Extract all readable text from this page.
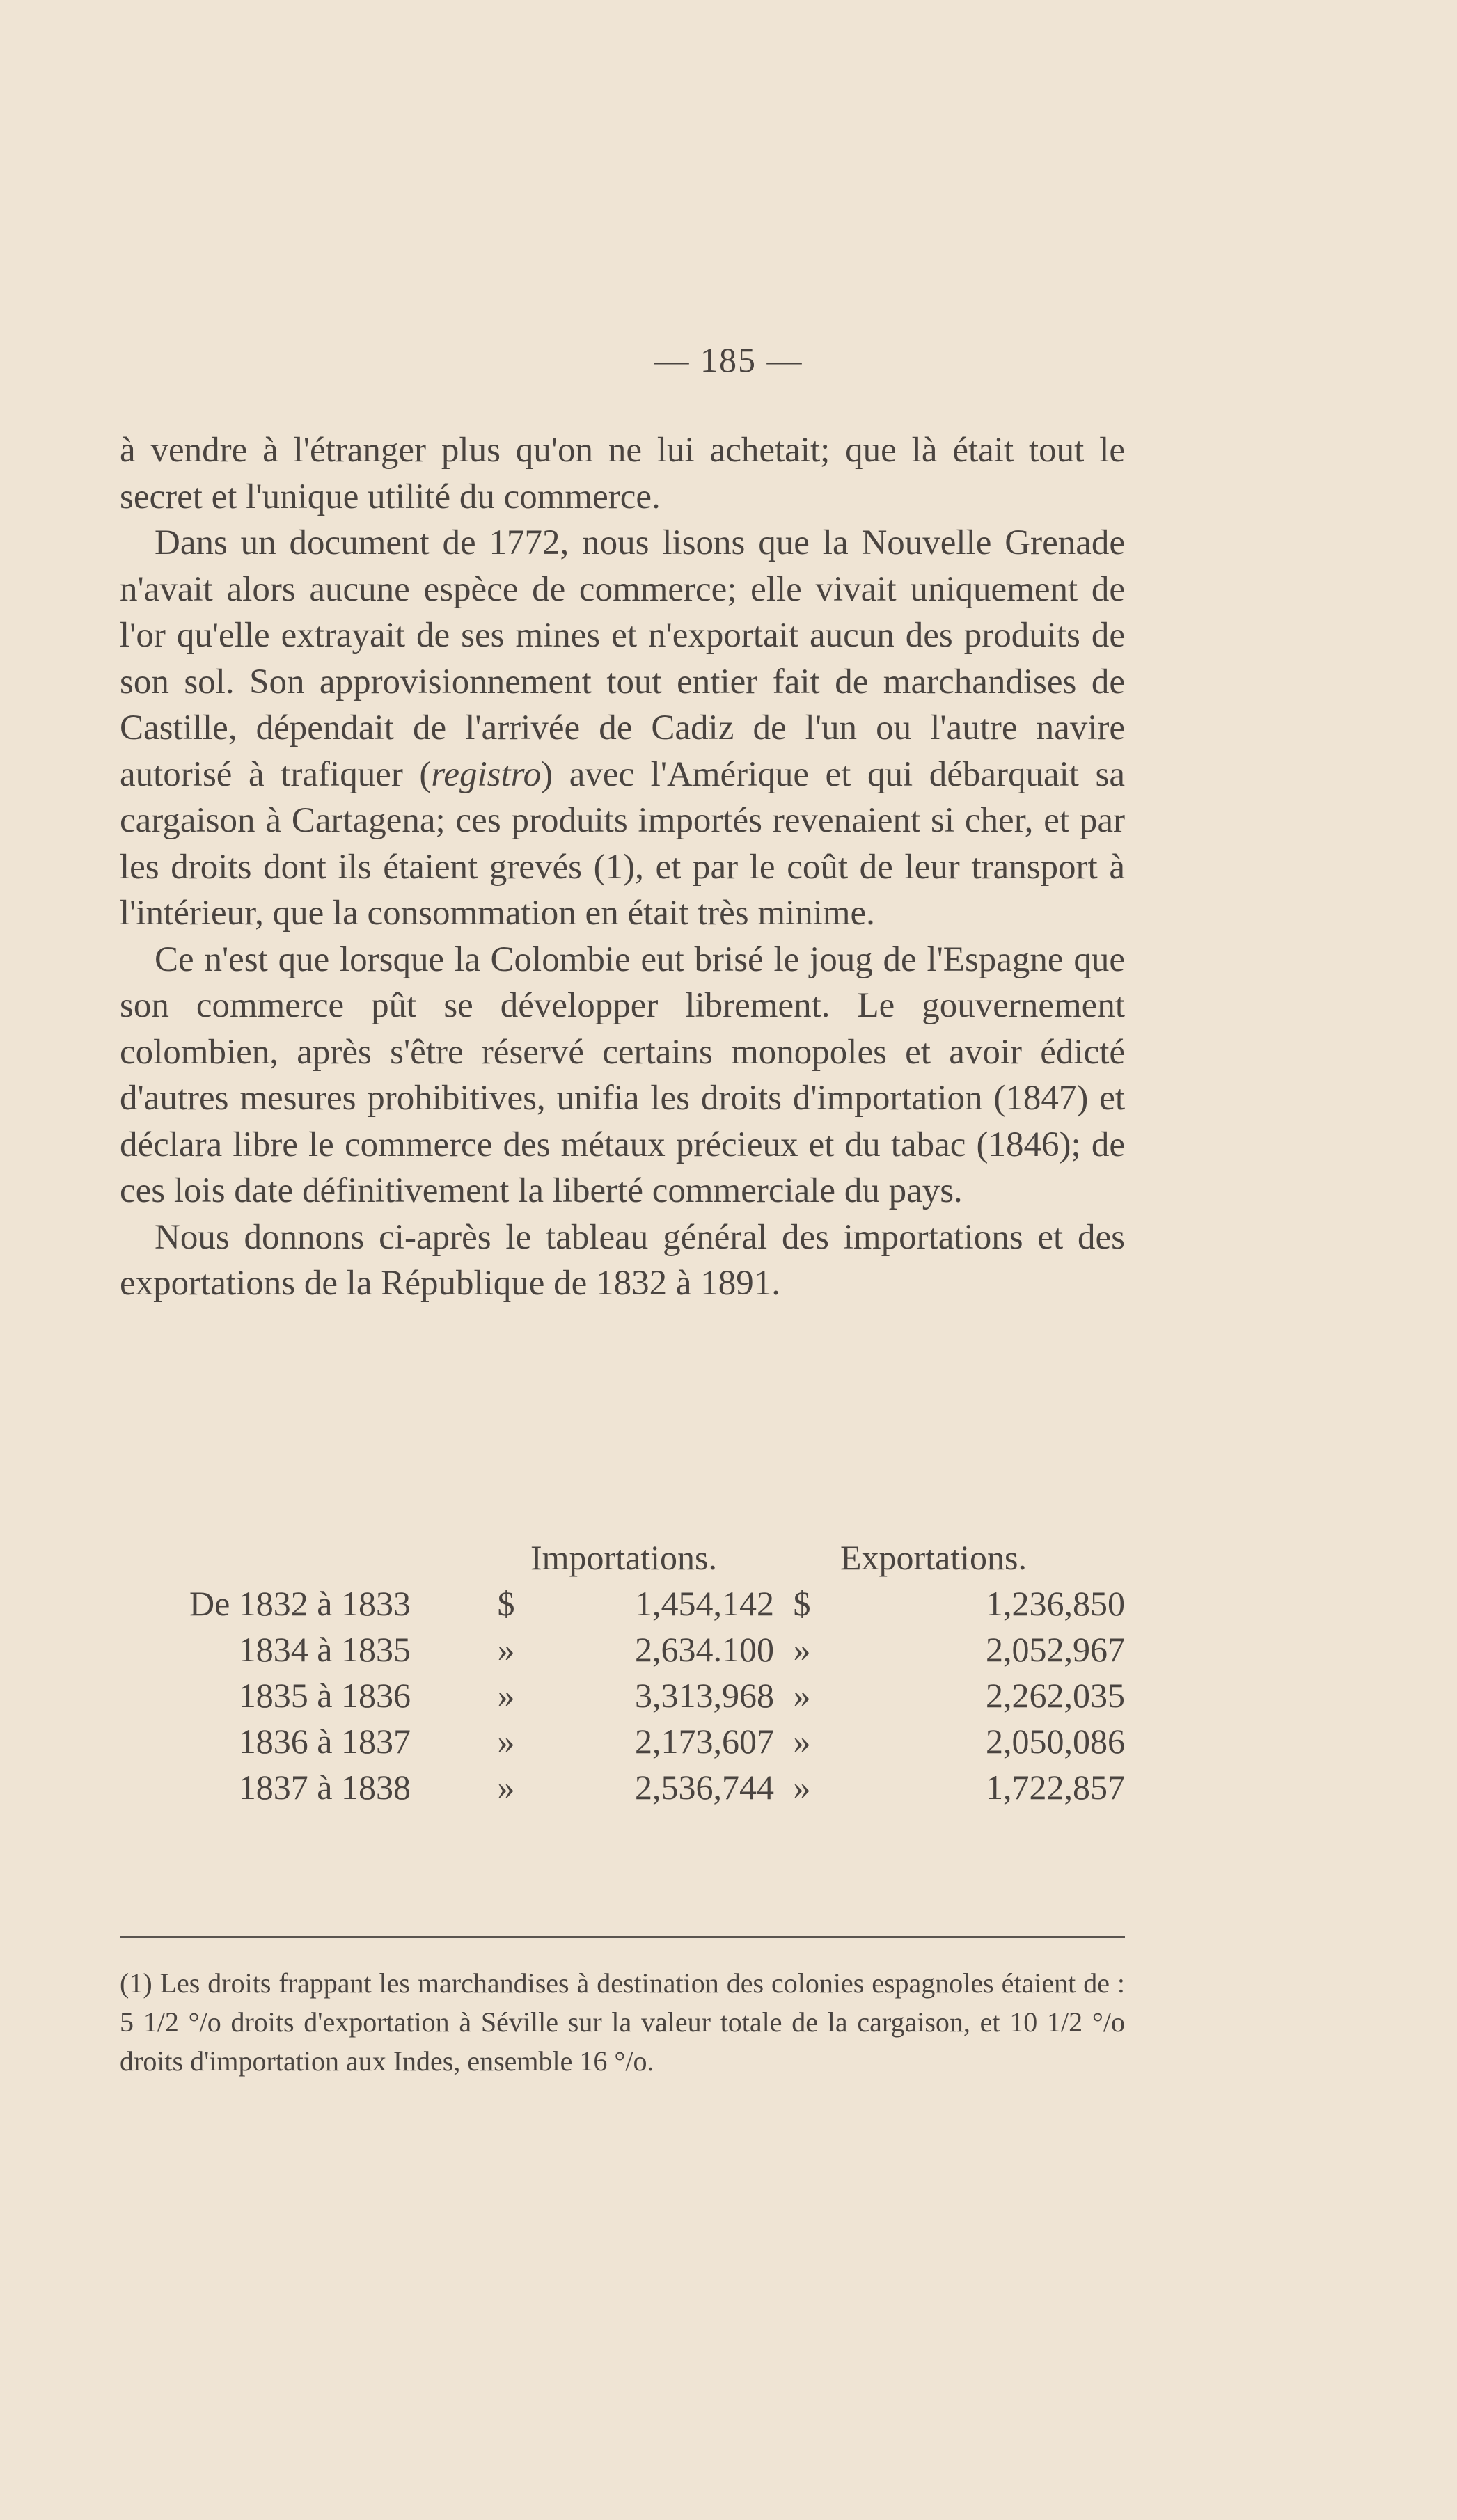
— 185 —

à vendre à l'étranger plus qu'on ne lui achetait; que là était tout le secret et l'unique utilité du commerce.

Dans un document de 1772, nous lisons que la Nouvelle Grenade n'avait alors aucune espèce de commerce; elle vivait uniquement de l'or qu'elle extrayait de ses mines et n'exportait aucun des produits de son sol. Son approvisionnement tout entier fait de marchandises de Castille, dépendait de l'arrivée de Cadiz de l'un ou l'autre navire autorisé à trafiquer (registro) avec l'Amérique et qui débarquait sa cargaison à Cartagena; ces produits importés revenaient si cher, et par les droits dont ils étaient grevés (1), et par le coût de leur transport à l'intérieur, que la consommation en était très minime.

Ce n'est que lorsque la Colombie eut brisé le joug de l'Espagne que son commerce pût se développer librement. Le gouvernement colombien, après s'être réservé certains monopoles et avoir édicté d'autres mesures prohibitives, unifia les droits d'importation (1847) et déclara libre le commerce des métaux précieux et du tabac (1846); de ces lois date définitivement la liberté commerciale du pays.

Nous donnons ci-après le tableau général des importations et des exportations de la République de 1832 à 1891.

Importations.	Exportations.
De 1832 à 1833 $	1,454,142 $	1,236,850
1834 à 1835 »	2,634.100 »	2,052,967
1835 à 1836 »	3,313,968 »	2,262,035
1836 à 1837 »	2,173,607 »	2,050,086
1837 à 1838 »	2,536,744 »	1,722,857
(1) Les droits frappant les marchandises à destination des colonies espagnoles étaient de : 5 1/2 °/o droits d'exportation à Séville sur la valeur totale de la cargaison, et 10 1/2 °/o droits d'importation aux Indes, ensemble 16 °/o.
